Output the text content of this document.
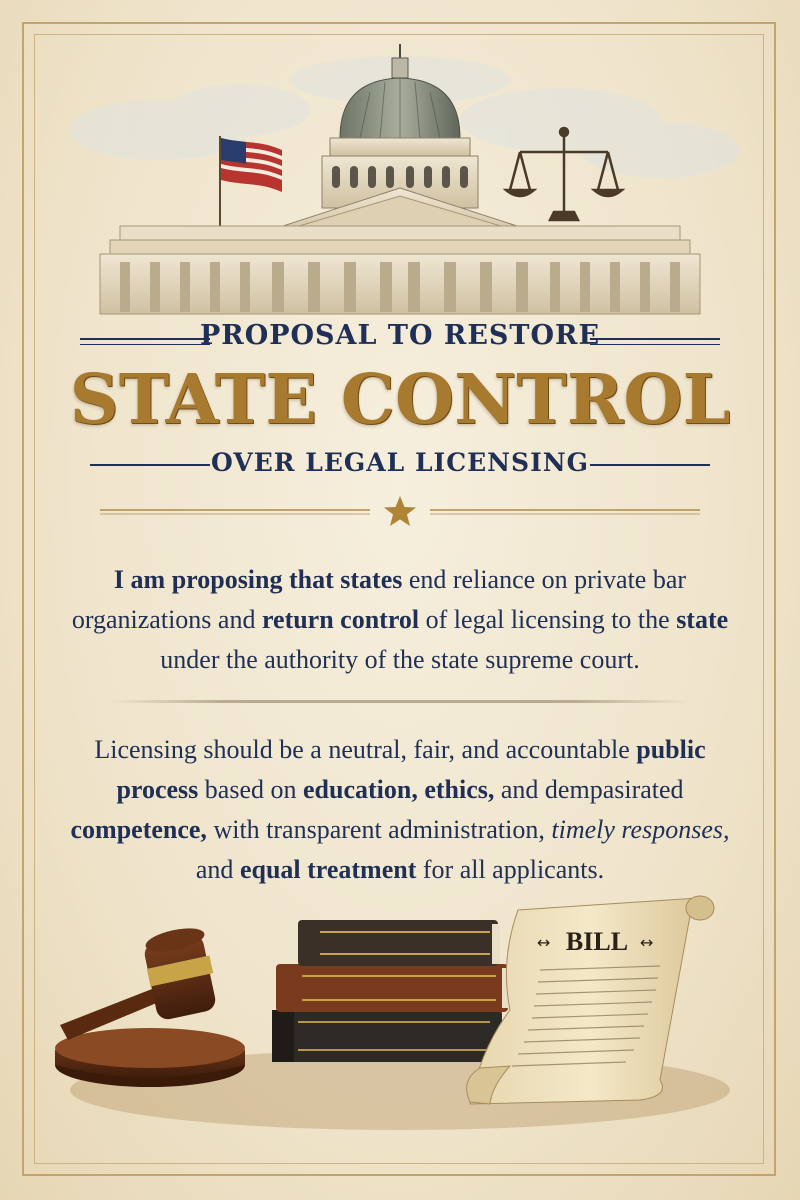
PROPOSAL TO RESTORE
STATE CONTROL
OVER LEGAL LICENSING
I am proposing that states end reliance on private bar organizations and return control of legal licensing to the state under the authority of the state supreme court.
Licensing should be a neutral, fair, and accountable public process based on education, ethics, and dempasirated competence, with transparent administration, timely responses, and equal treatment for all applicants.
BILL
↔	↔
